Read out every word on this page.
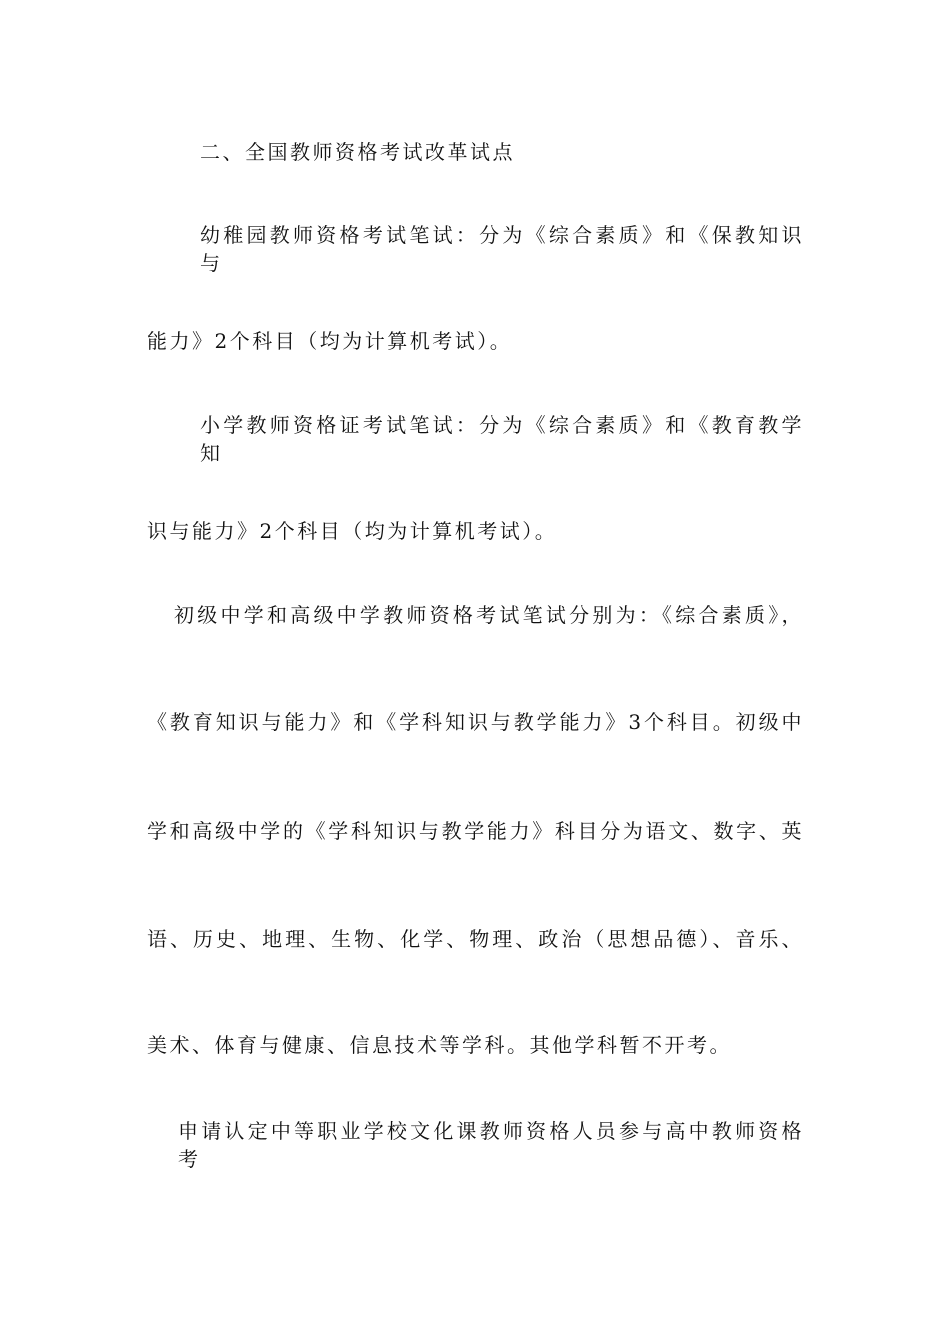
二、全国教师资格考试改革试点
幼稚园教师资格考试笔试：分为《综合素质》和《保教知识与
能力》2个科目（均为计算机考试）。
小学教师资格证考试笔试：分为《综合素质》和《教育教学知
识与能力》2个科目（均为计算机考试）。
初级中学和高级中学教师资格考试笔试分别为：《综合素质》，
《教育知识与能力》和《学科知识与教学能力》3个科目。初级中
学和高级中学的《学科知识与教学能力》科目分为语文、数字、英
语、历史、地理、生物、化学、物理、政治（思想品德）、音乐、
美术、体育与健康、信息技术等学科。其他学科暂不开考。
申请认定中等职业学校文化课教师资格人员参与高中教师资格考
